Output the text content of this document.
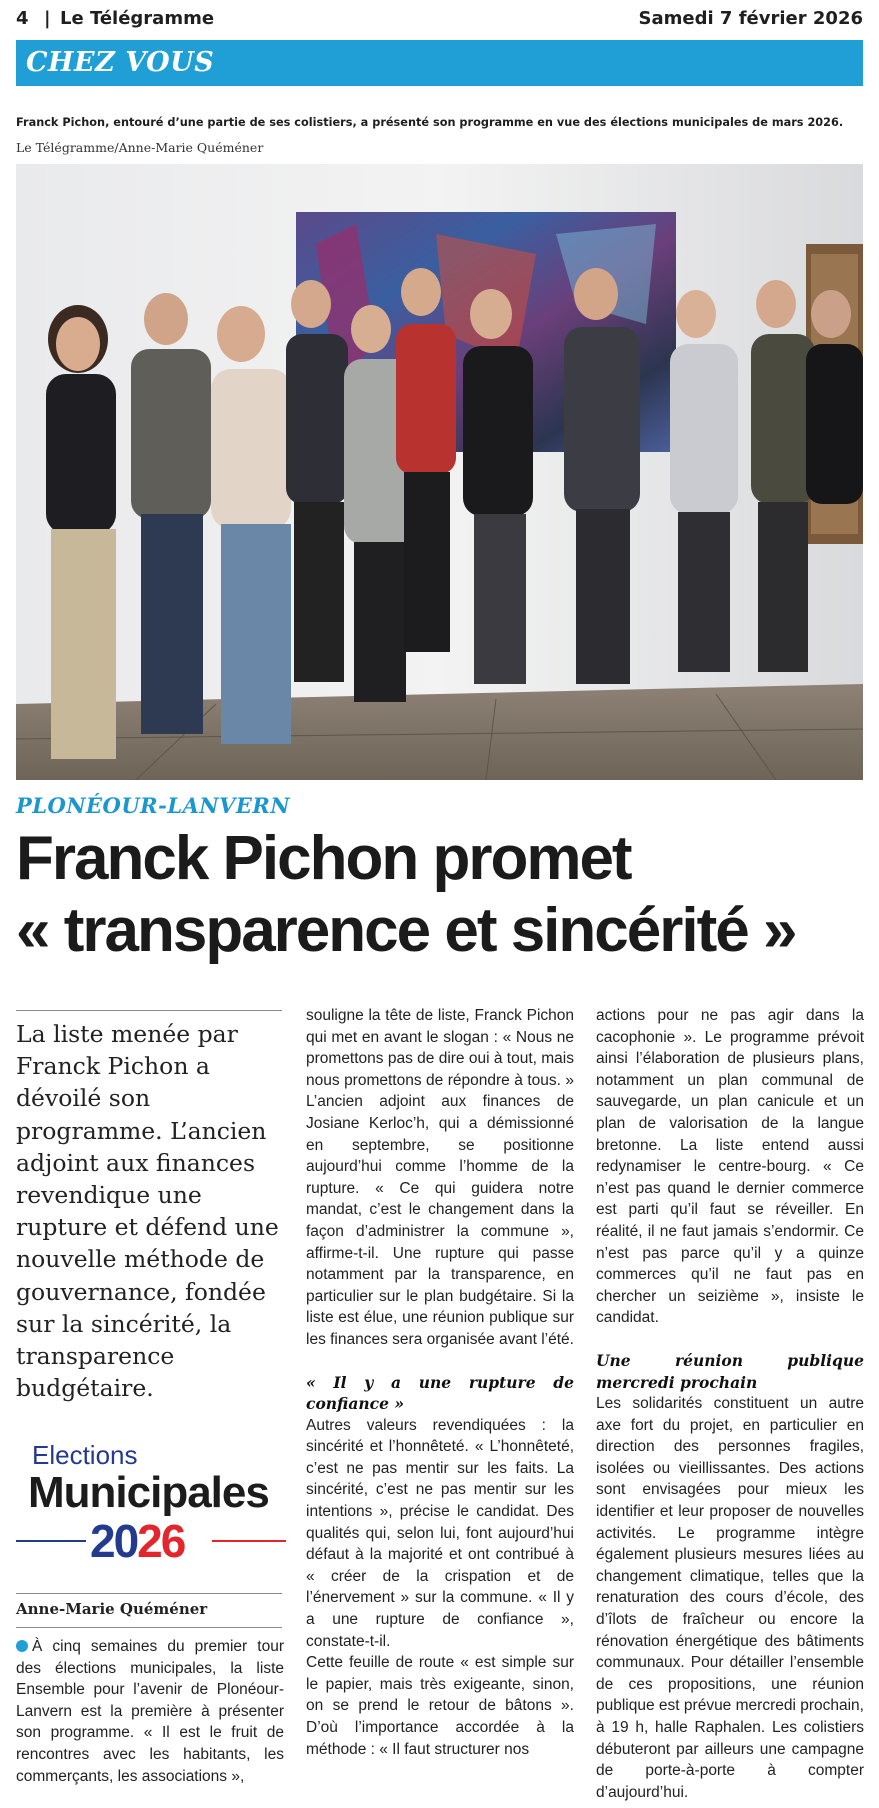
4 | Le Télégramme	Samedi 7 février 2026
CHEZ VOUS
Franck Pichon, entouré d’une partie de ses colistiers, a présenté son programme en vue des élections municipales de mars 2026.
Le Télégramme/Anne-Marie Quéméner
PLONÉOUR-LANVERN
Franck Pichon promet
« transparence et sincérité »
La liste menée par Franck Pichon a dévoilé son programme. L’ancien adjoint aux finances revendique une rupture et défend une nouvelle méthode de gouvernance, fondée sur la sincérité, la transparence budgétaire.
Elections
Municipales
2026
Anne-Marie Quéméner

À cinq semaines du premier tour des élections municipales, la liste Ensemble pour l’avenir de Plonéour-Lanvern est la première à présenter son programme. « Il est le fruit de rencontres avec les habitants, les commerçants, les associations »,

souligne la tête de liste, Franck Pichon qui met en avant le slogan : « Nous ne promettons pas de dire oui à tout, mais nous promettons de répondre à tous. » L’ancien adjoint aux finances de Josiane Kerloc’h, qui a démissionné en septembre, se positionne aujourd’hui comme l’homme de la rupture. « Ce qui guidera notre mandat, c’est le changement dans la façon d’administrer la commune », affirme-t-il. Une rupture qui passe notamment par la transparence, en particulier sur le plan budgétaire. Si la liste est élue, une réunion publique sur les finances sera organisée avant l’été.

« Il y a une rupture de confiance »

Autres valeurs revendiquées : la sincérité et l’honnêteté. « L’honnêteté, c’est ne pas mentir sur les faits. La sincérité, c’est ne pas mentir sur les intentions », précise le candidat. Des qualités qui, selon lui, font aujourd’hui défaut à la majorité et ont contribué à « créer de la crispation et de l’énervement » sur la commune. « Il y a une rupture de confiance », constate-t-il.

Cette feuille de route « est simple sur le papier, mais très exigeante, sinon, on se prend le retour de bâtons ». D’où l’importance accordée à la méthode : « Il faut structurer nos

actions pour ne pas agir dans la cacophonie ». Le programme prévoit ainsi l’élaboration de plusieurs plans, notamment un plan communal de sauvegarde, un plan canicule et un plan de valorisation de la langue bretonne. La liste entend aussi redynamiser le centre-bourg. « Ce n’est pas quand le dernier commerce est parti qu’il faut se réveiller. En réalité, il ne faut jamais s’endormir. Ce n’est pas parce qu’il y a quinze commerces qu’il ne faut pas en chercher un seizième », insiste le candidat.

Une réunion publique mercredi prochain

Les solidarités constituent un autre axe fort du projet, en particulier en direction des personnes fragiles, isolées ou vieillissantes. Des actions sont envisagées pour mieux les identifier et leur proposer de nouvelles activités. Le programme intègre également plusieurs mesures liées au changement climatique, telles que la renaturation des cours d’école, des d’îlots de fraîcheur ou encore la rénovation énergétique des bâtiments communaux. Pour détailler l’ensemble de ces propositions, une réunion publique est prévue mercredi prochain, à 19 h, halle Raphalen. Les colistiers débuteront par ailleurs une campagne de porte-à-porte à compter d’aujourd’hui.
